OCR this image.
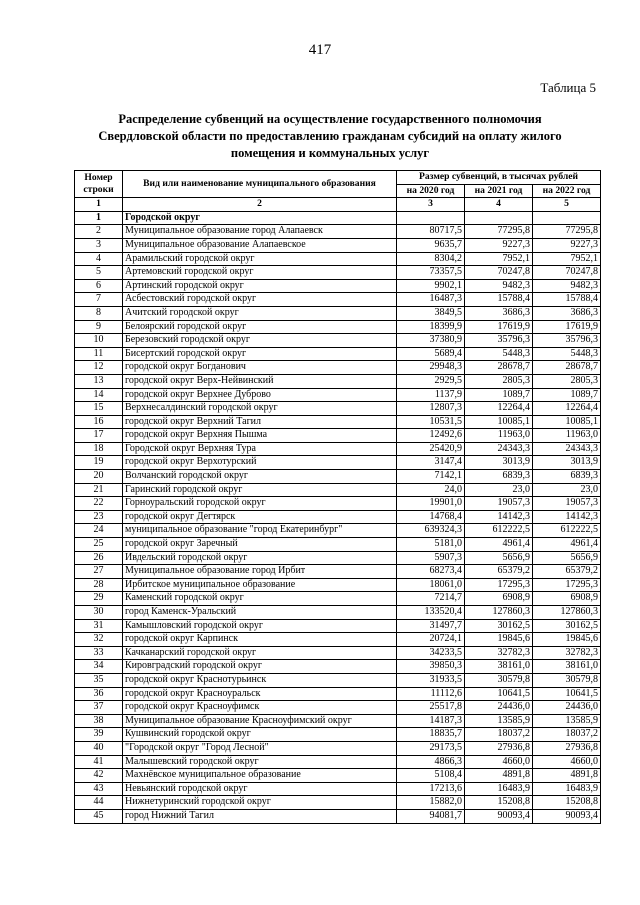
417
Таблица 5
Распределение субвенций на осуществление государственного полномочия Свердловской области по предоставлению гражданам субсидий на оплату жилого помещения и коммунальных услуг
Номер строки	Вид или наименование муниципального образования	Размер субвенций, в тысячах рублей		
		на 2020 год	на 2021 год	на 2022 год
1	2	3	4	5
1	Городской округ			
2	Муниципальное образование город Алапаевск	80717,5	77295,8	77295,8
3	Муниципальное образование Алапаевское	9635,7	9227,3	9227,3
4	Арамильский городской округ	8304,2	7952,1	7952,1
5	Артемовский городской округ	73357,5	70247,8	70247,8
6	Артинский городской округ	9902,1	9482,3	9482,3
7	Асбестовский городской округ	16487,3	15788,4	15788,4
8	Ачитский городской округ	3849,5	3686,3	3686,3
9	Белоярский городской округ	18399,9	17619,9	17619,9
10	Березовский городской округ	37380,9	35796,3	35796,3
11	Бисертский городской округ	5689,4	5448,3	5448,3
12	городской округ Богданович	29948,3	28678,7	28678,7
13	городской округ Верх-Нейвинский	2929,5	2805,3	2805,3
14	городской округ Верхнее Дуброво	1137,9	1089,7	1089,7
15	Верхнесалдинский городской округ	12807,3	12264,4	12264,4
16	городской округ Верхний Тагил	10531,5	10085,1	10085,1
17	городской округ Верхняя Пышма	12492,6	11963,0	11963,0
18	Городской округ Верхняя Тура	25420,9	24343,3	24343,3
19	городской округ Верхотурский	3147,4	3013,9	3013,9
20	Волчанский городской округ	7142,1	6839,3	6839,3
21	Гаринский городской округ	24,0	23,0	23,0
22	Горноуральский городской округ	19901,0	19057,3	19057,3
23	городской округ Дегтярск	14768,4	14142,3	14142,3
24	муниципальное образование "город Екатеринбург"	639324,3	612222,5	612222,5
25	городской округ Заречный	5181,0	4961,4	4961,4
26	Ивдельский городской округ	5907,3	5656,9	5656,9
27	Муниципальное образование город Ирбит	68273,4	65379,2	65379,2
28	Ирбитское муниципальное образование	18061,0	17295,3	17295,3
29	Каменский городской округ	7214,7	6908,9	6908,9
30	город Каменск-Уральский	133520,4	127860,3	127860,3
31	Камышловский городской округ	31497,7	30162,5	30162,5
32	городской округ Карпинск	20724,1	19845,6	19845,6
33	Качканарский городской округ	34233,5	32782,3	32782,3
34	Кировградский городской округ	39850,3	38161,0	38161,0
35	городской округ Краснотурьинск	31933,5	30579,8	30579,8
36	городской округ Красноуральск	11112,6	10641,5	10641,5
37	городской округ Красноуфимск	25517,8	24436,0	24436,0
38	Муниципальное образование Красноуфимский округ	14187,3	13585,9	13585,9
39	Кушвинский городской округ	18835,7	18037,2	18037,2
40	"Городской округ "Город Лесной"	29173,5	27936,8	27936,8
41	Малышевский городской округ	4866,3	4660,0	4660,0
42	Махнёвское муниципальное образование	5108,4	4891,8	4891,8
43	Невьянский городской округ	17213,6	16483,9	16483,9
44	Нижнетуринский городской округ	15882,0	15208,8	15208,8
45	город Нижний Тагил	94081,7	90093,4	90093,4
